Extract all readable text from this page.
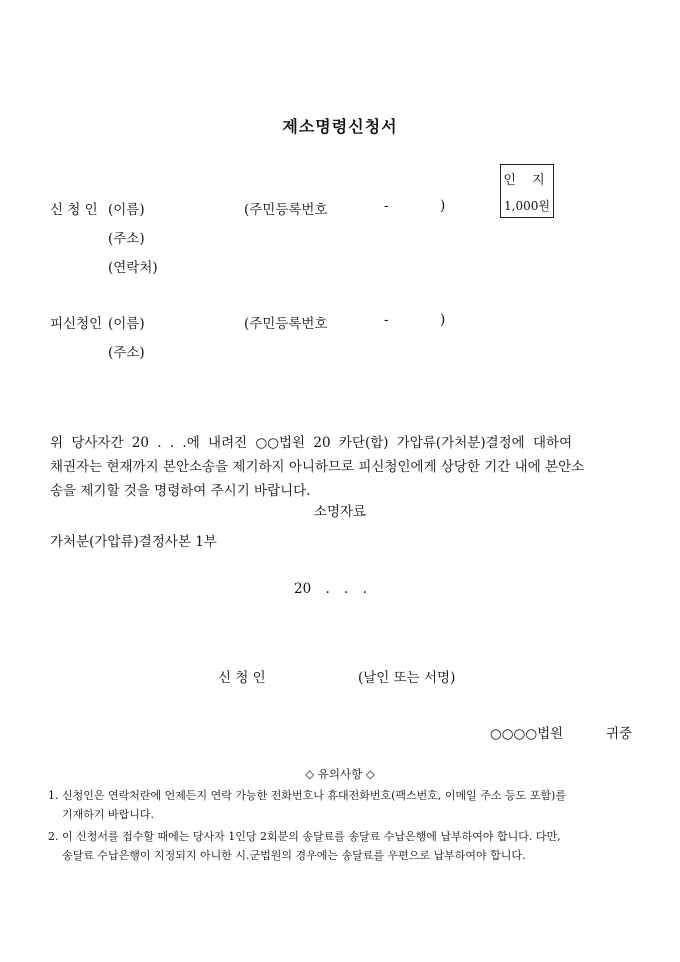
제소명령신청서
인 지
1,000원
신 청 인 (이름)	(주민등록번호	-	)
(주소)
(연락처)
피신청인 (이름)	(주민등록번호	-	)
(주소)
위 당사자간 20 . . .에 내려진 ○○법원 20 카단(합) 가압류(가처분)결정에 대하여
채권자는 현재까지 본안소송을 제기하지 아니하므로 피신청인에게 상당한 기간 내에 본안소
송을 제기할 것을 명령하여 주시기 바랍니다.
소명자료
가처분(가압류)결정사본 1부
20 . . .
신 청 인	(날인 또는 서명)
○○○○법원	귀중
◇ 유의사항 ◇
1. 신청인은 연락처란에 언제든지 연락 가능한 전화번호나 휴대전화번호(팩스번호, 이메일 주소 등도 포함)를
기재하기 바랍니다.
2. 이 신청서를 접수할 때에는 당사자 1인당 2회분의 송달료를 송달료 수납은행에 납부하여야 합니다. 다만,
송달료 수납은행이 지정되지 아니한 시.군법원의 경우에는 송달료를 우편으로 납부하여야 합니다.
